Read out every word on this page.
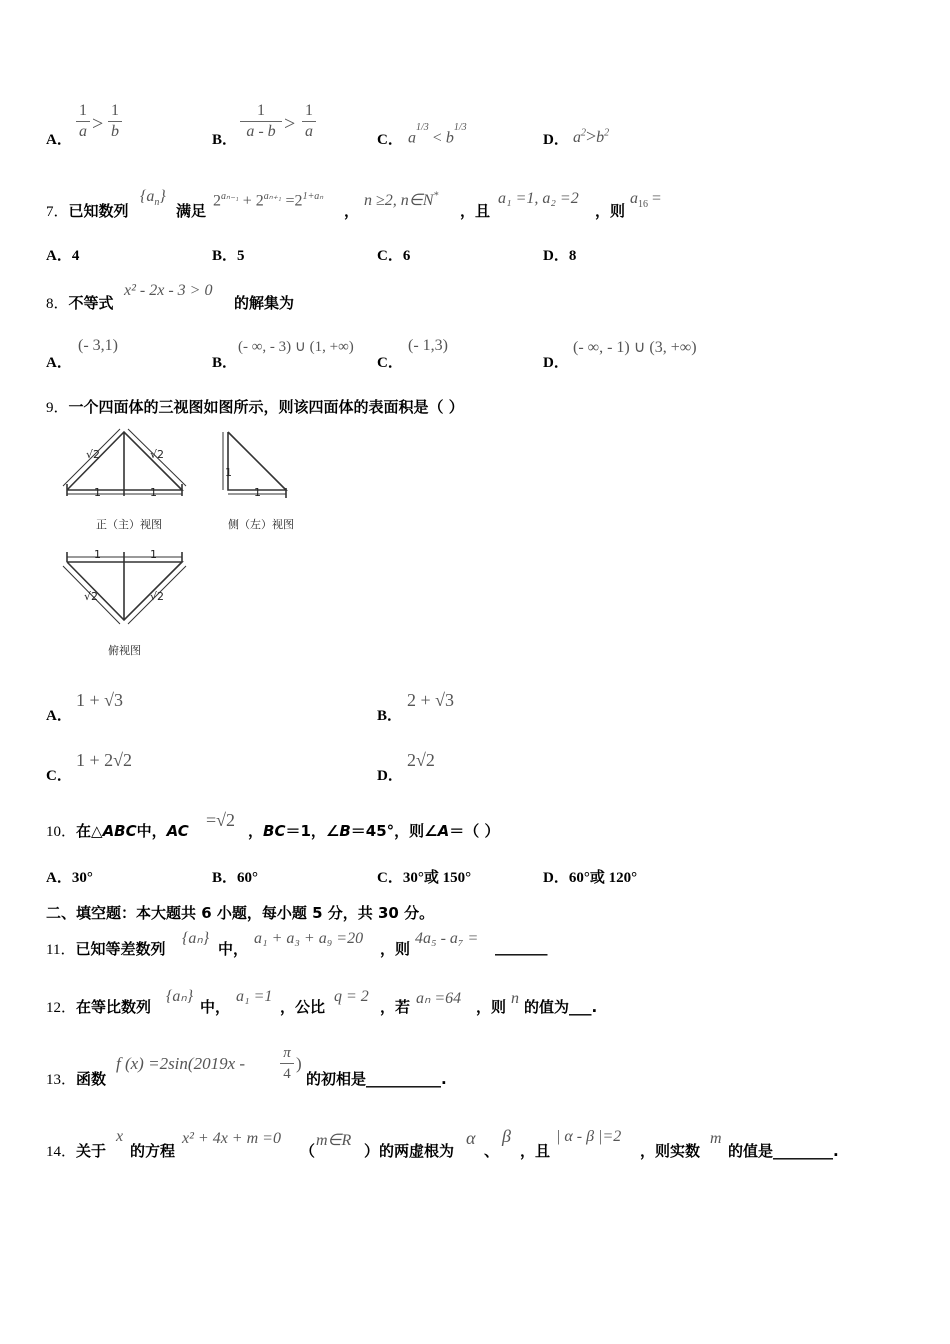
A．
1
a >
1
b	B．
1
a - b >
1
a	C． $a^{1/3} < b^{1/3}$
D． $a^2>b^2$
7．已知数列
$\{a_n\}$
满足
$2^{a_{n-1}} + 2^{a_{n+1}} =2^{1+a_n}$
，
n ≥2, n∈N*
，且
a₁ =1, a₂ =2
，则
$a_{16}$ =
A．4	B．5	C．6	D．8
8．不等式
x² - 2x - 3 > 0
的解集为
A．
(- 3,1)
B．
(- ∞, - 3) ∪ (1, +∞)
C．
(- 1,3)
D．
(- ∞, - 1) ∪ (3, +∞)
9．一个四面体的三视图如图所示，则该四面体的表面积是（ ）
√2	√2
1	1
正（主）视图
1
1
侧（左）视图
1	1
√2	√2
俯视图
A．
1 + √3
B．
2 + √3
C．
1 + 2√2
D．
2√2
10．在△ABC中，AC
=√2
，BC＝1，∠B＝45°，则∠A＝（ ）
A．30°	B．60°	C．30°或 150°	D．60°或 120°
二、填空题：本大题共 6 小题，每小题 5 分，共 30 分。
11．已知等差数列
{aₙ}
中，
a₁ + a₃ + a₉ =20
，则
4a₅ - a₇ = _______
12．在等比数列
{aₙ}
中，
a₁ =1
，公比
q = 2
，若 aₙ =64 ，则 n 的值为___.
13．函数
f (x) =2sin(2019x -
π
4
)
的初相是__________.
14．关于
x
的方程
x² + 4x + m =0
（
m∈R
）的两虚根为
α
、
β
，且
| α - β |=2
，则实数
m
的值是________.
